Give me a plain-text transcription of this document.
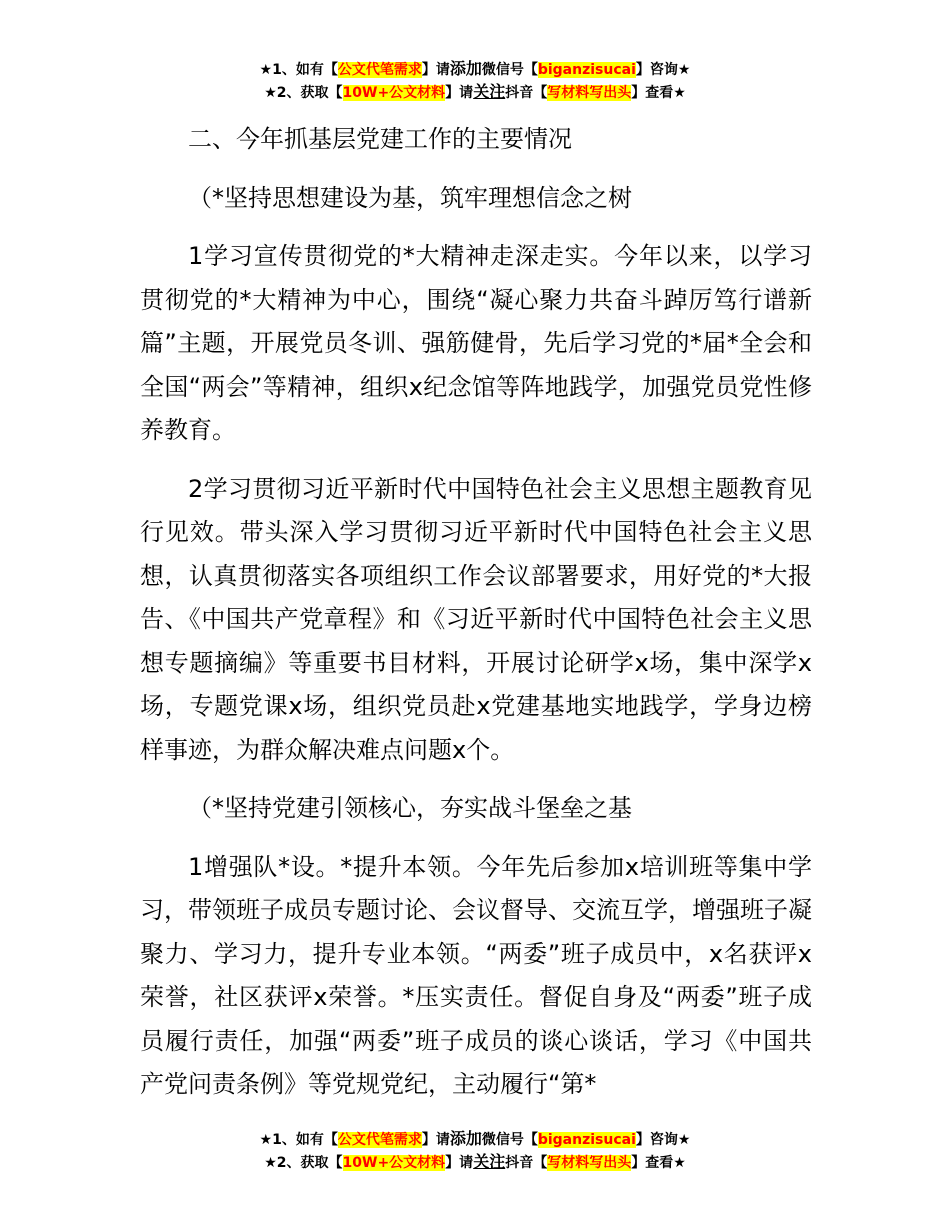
★1、如有【公文代笔需求】请添加微信号【biganzisucai】咨询★
★2、获取【10W+公文材料】请关注抖音【写材料写出头】查看★

二、今年抓基层党建工作的主要情况

（*坚持思想建设为基，筑牢理想信念之树

1学习宣传贯彻党的*大精神走深走实。今年以来，以学习贯彻党的*大精神为中心，围绕“凝心聚力共奋斗踔厉笃行谱新篇”主题，开展党员冬训、强筋健骨，先后学习党的*届*全会和全国“两会”等精神，组织x纪念馆等阵地践学，加强党员党性修养教育。

2学习贯彻习近平新时代中国特色社会主义思想主题教育见行见效。带头深入学习贯彻习近平新时代中国特色社会主义思想，认真贯彻落实各项组织工作会议部署要求，用好党的*大报告、《中国共产党章程》和《习近平新时代中国特色社会主义思想专题摘编》等重要书目材料，开展讨论研学x场，集中深学x场，专题党课x场，组织党员赴x党建基地实地践学，学身边榜样事迹，为群众解决难点问题x个。

（*坚持党建引领核心，夯实战斗堡垒之基

1增强队*设。*提升本领。今年先后参加x培训班等集中学习，带领班子成员专题讨论、会议督导、交流互学，增强班子凝聚力、学习力，提升专业本领。“两委”班子成员中，x名获评x荣誉，社区获评x荣誉。*压实责任。督促自身及“两委”班子成员履行责任，加强“两委”班子成员的谈心谈话，学习《中国共产党问责条例》等党规党纪，主动履行“第*

★1、如有【公文代笔需求】请添加微信号【biganzisucai】咨询★
★2、获取【10W+公文材料】请关注抖音【写材料写出头】查看★
